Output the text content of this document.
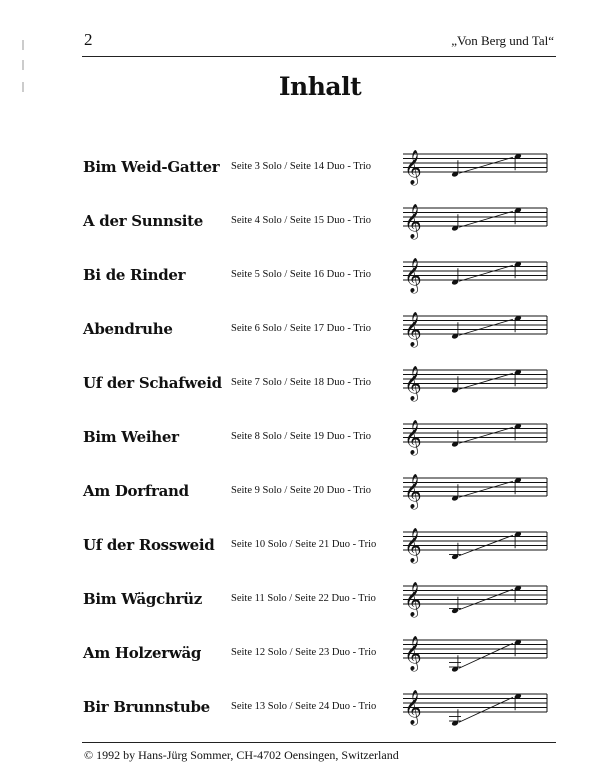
2	„Von Berg und Tal“
Inhalt
Bim Weid-Gatter Seite 3 Solo / Seite 14 Duo - Trio 𝄞
A der Sunnsite	Seite 4 Solo / Seite 15 Duo - Trio 𝄞
Bi de Rinder	Seite 5 Solo / Seite 16 Duo - Trio 𝄞
Abendruhe	Seite 6 Solo / Seite 17 Duo - Trio 𝄞
Uf der Schafweid Seite 7 Solo / Seite 18 Duo - Trio 𝄞
Bim Weiher	Seite 8 Solo / Seite 19 Duo - Trio 𝄞
Am Dorfrand	Seite 9 Solo / Seite 20 Duo - Trio 𝄞
Uf der Rossweid Seite 10 Solo / Seite 21 Duo - Trio 𝄞
Bim Wägchrüz	Seite 11 Solo / Seite 22 Duo - Trio 𝄞
Am Holzerwäg	Seite 12 Solo / Seite 23 Duo - Trio 𝄞
Bir Brunnstube Seite 13 Solo / Seite 24 Duo - Trio 𝄞
© 1992 by Hans-Jürg Sommer, CH-4702 Oensingen, Switzerland
